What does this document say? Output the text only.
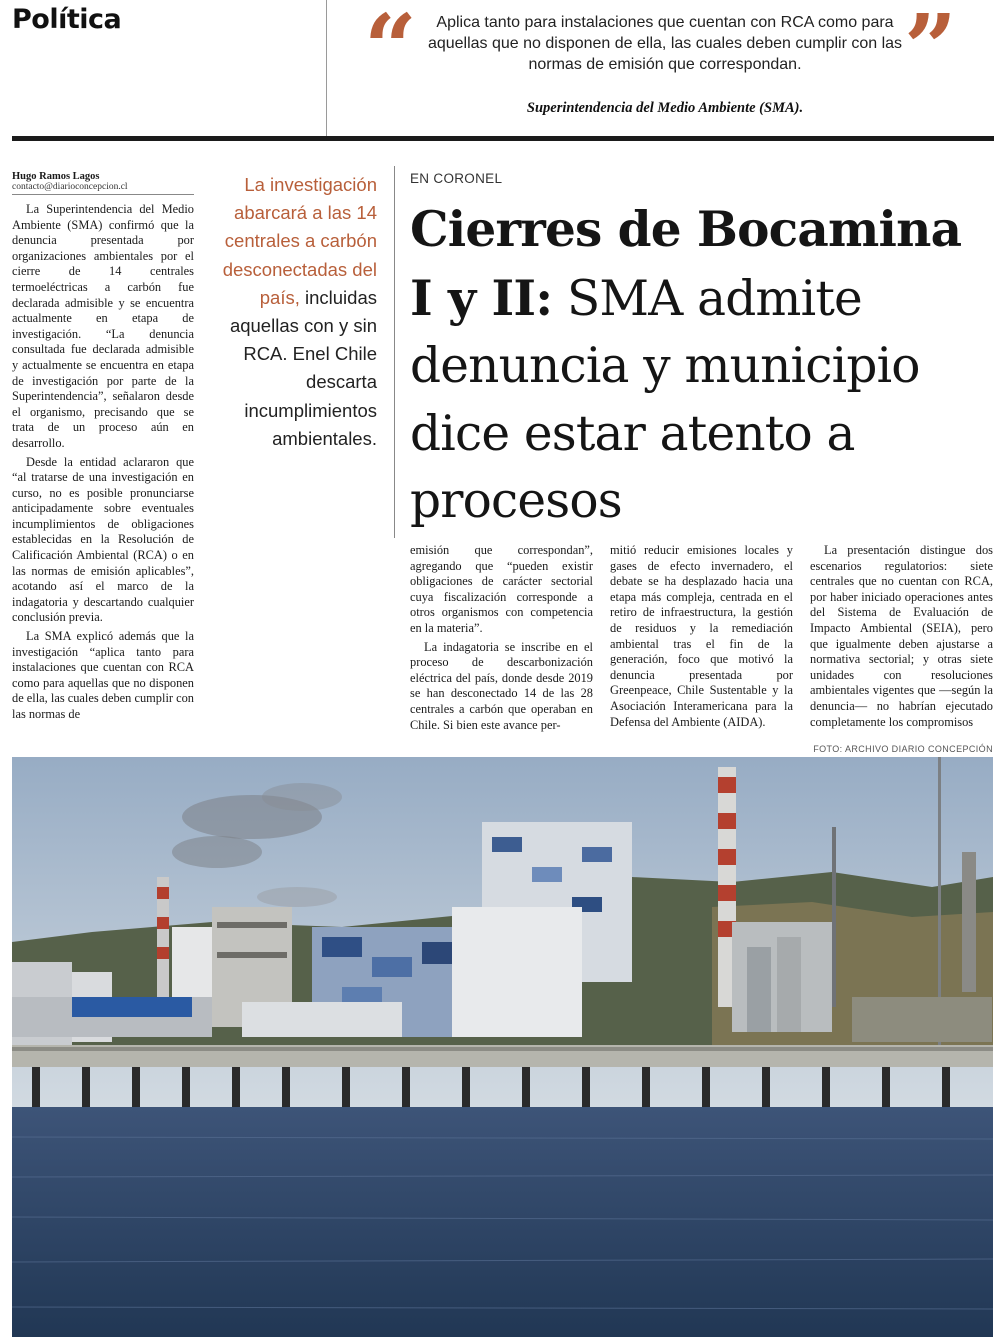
Política	“	Aplica tanto para instalaciones que cuentan con RCA como para aquellas que no disponen de ella, las cuales deben cumplir con las normas de emisión que correspondan.	”
Superintendencia del Medio Ambiente (SMA).
Hugo Ramos Lagos
contacto@diarioconcepcion.cl

La Superintendencia del Medio Ambiente (SMA) confirmó que la denuncia presentada por organizaciones ambientales por el cierre de 14 centrales termoeléctricas a carbón fue declarada admisible y se encuentra actualmente en etapa de investigación. “La denuncia consultada fue declarada admisible y actualmente se encuentra en etapa de investigación por parte de la Superintendencia”, señalaron desde el organismo, precisando que se trata de un proceso aún en desarrollo.

Desde la entidad aclararon que “al tratarse de una investigación en curso, no es posible pronunciarse anticipadamente sobre eventuales incumplimientos de obligaciones establecidas en la Resolución de Calificación Ambiental (RCA) o en las normas de emisión aplicables”, acotando así el marco de la indagatoria y descartando cualquier conclusión previa.

La SMA explicó además que la investigación “aplica tanto para instalaciones que cuentan con RCA como para aquellas que no disponen de ella, las cuales deben cumplir con las normas de

La investigación abarcará a las 14 centrales a carbón desconectadas del país, incluidas aquellas con y sin RCA. Enel Chile descarta incumplimientos ambientales.
EN CORONEL
Cierres de Bocamina I y II: SMA admite denuncia y municipio dice estar atento a procesos

emisión que correspondan”, agregando que “pueden existir obligaciones de carácter sectorial cuya fiscalización corresponde a otros organismos con competencia en la materia”.

La indagatoria se inscribe en el proceso de descarbonización eléctrica del país, donde desde 2019 se han desconectado 14 de las 28 centrales a carbón que operaban en Chile. Si bien este avance per-

mitió reducir emisiones locales y gases de efecto invernadero, el debate se ha desplazado hacia una etapa más compleja, centrada en el retiro de infraestructura, la gestión de residuos y la remediación ambiental tras el fin de la generación, foco que motivó la denuncia presentada por Greenpeace, Chile Sustentable y la Asociación Interamericana para la Defensa del Ambiente (AIDA).

La presentación distingue dos escenarios regulatorios: siete centrales que no cuentan con RCA, por haber iniciado operaciones antes del Sistema de Evaluación de Impacto Ambiental (SEIA), pero que igualmente deben ajustarse a normativa sectorial; y otras siete unidades con resoluciones ambientales vigentes que —según la denuncia— no habrían ejecutado completamente los compromisos

FOTO: ARCHIVO DIARIO CONCEPCIÓN
